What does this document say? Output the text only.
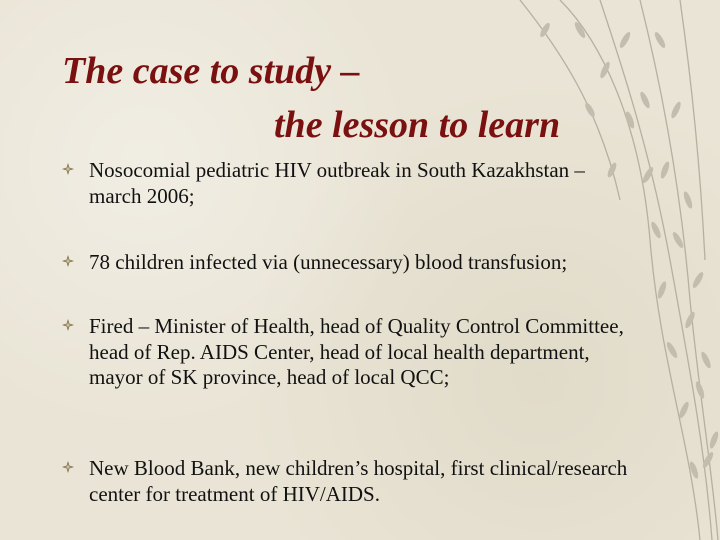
The case to study –
the lesson to learn
Nosocomial pediatric HIV outbreak in South Kazakhstan – march 2006;
78 children infected via (unnecessary) blood transfusion;
Fired – Minister of Health, head of Quality Control Committee, head of Rep. AIDS Center, head of local health department, mayor of SK province, head of local QCC;
New Blood Bank, new children’s hospital, first clinical/research center for treatment of HIV/AIDS.
